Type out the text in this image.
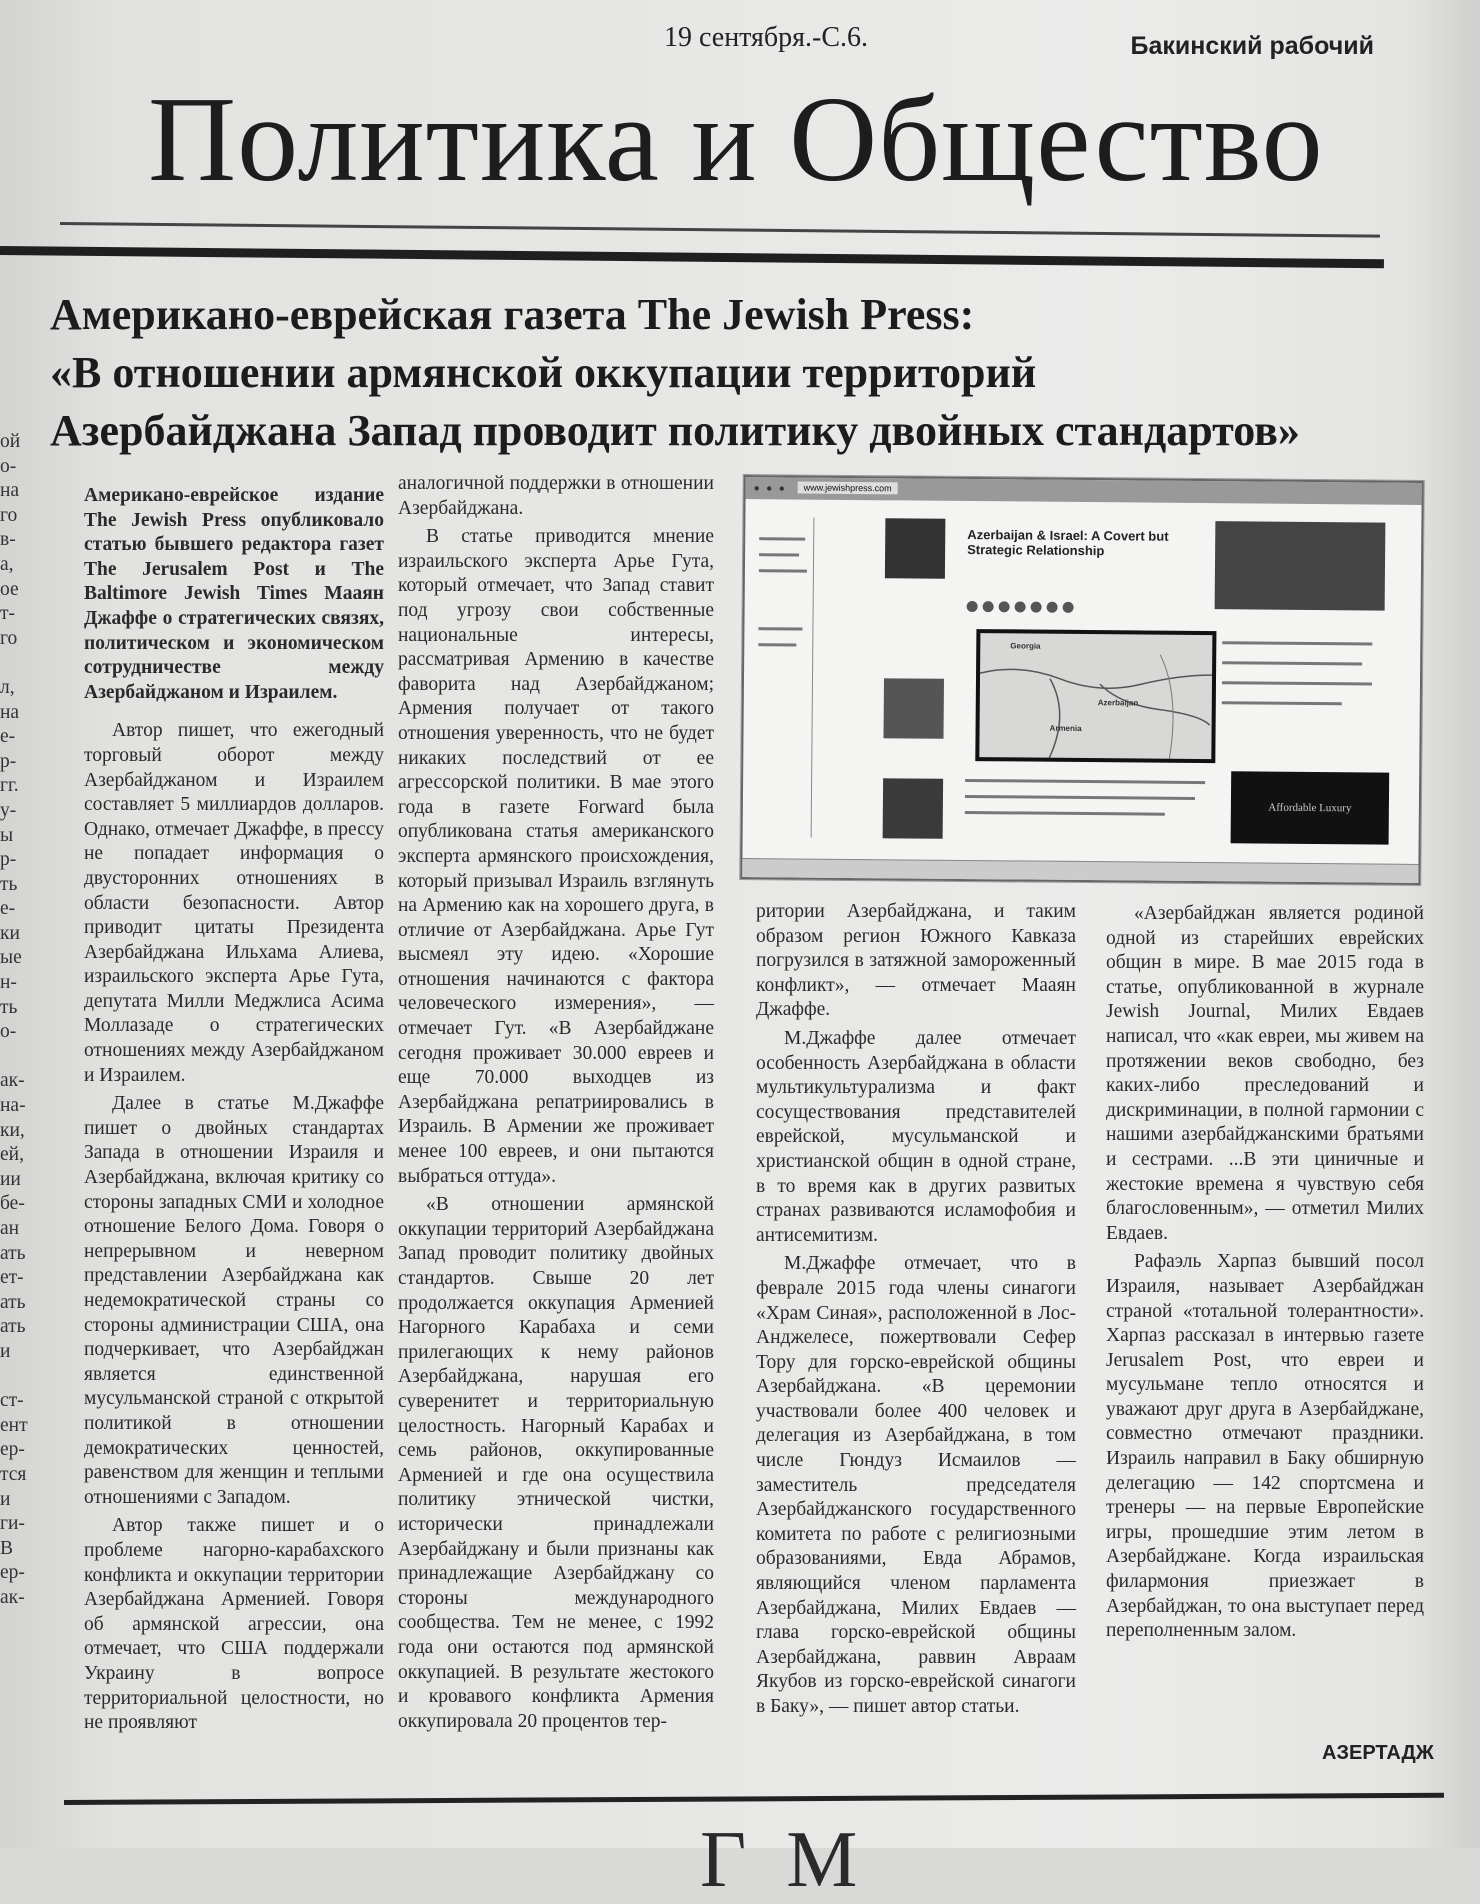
19 сентября.-С.6.	Бакинский рабочий
Политика и Общество
Американо-еврейская газета The Jewish Press:
«В отношении армянской оккупации территорий
Азербайджана Запад проводит политику двойных стандартов»
ой
о-
на
го
в-
а,
ое
т-
го

л,
на
е-
р-
гг.
у-
ы
р-
ть
е-
ки
ые
н-
ть
о-

ак-
на-
ки,
ей,
ии
бе-
ан
ать
ет-
ать
ать
и

ст-
ент
ер-
тся
и
ги-
В
ер-
ак-

Американо-еврейское издание The Jewish Press опубликовало статью бывшего редактора газет The Jerusalem Post и The Baltimore Jewish Times Мааян Джаффе о стратегических связях, политическом и экономическом сотрудничестве между Азербайджаном и Израилем.

Автор пишет, что ежегодный торговый оборот между Азербайджаном и Израилем составляет 5 миллиардов долларов. Однако, отмечает Джаффе, в прессу не попадает информация о двусторонних отношениях в области безопасности. Автор приводит цитаты Президента Азербайджана Ильхама Алиева, израильского эксперта Арье Гута, депутата Милли Меджлиса Асима Моллазаде о стратегических отношениях между Азербайджаном и Израилем.

Далее в статье М.Джаффе пишет о двойных стандартах Запада в отношении Израиля и Азербайджана, включая критику со стороны западных СМИ и холодное отношение Белого Дома. Говоря о непрерывном и неверном представлении Азербайджана как недемократической страны со стороны администрации США, она подчеркивает, что Азербайджан является единственной мусульманской страной с открытой политикой в отношении демократических ценностей, равенством для женщин и теплыми отношениями с Западом.

Автор также пишет и о проблеме нагорно-карабахского конфликта и оккупации территории Азербайджана Арменией. Говоря об армянской агрессии, она отмечает, что США поддержали Украину в вопросе территориальной целостности, но не проявляют

аналогичной поддержки в отношении Азербайджана.

В статье приводится мнение израильского эксперта Арье Гута, который отмечает, что Запад ставит под угрозу свои собственные национальные интересы, рассматривая Армению в качестве фаворита над Азербайджаном; Армения получает от такого отношения уверенность, что не будет никаких последствий от ее агрессорской политики. В мае этого года в газете Forward была опубликована статья американского эксперта армянского происхождения, который призывал Израиль взглянуть на Армению как на хорошего друга, в отличие от Азербайджана. Арье Гут высмеял эту идею. «Хорошие отношения начинаются с фактора человеческого измерения», — отмечает Гут. «В Азербайджане сегодня проживает 30.000 евреев и еще 70.000 выходцев из Азербайджана репатриировались в Израиль. В Армении же проживает менее 100 евреев, и они пытаются выбраться оттуда».

«В отношении армянской оккупации территорий Азербайджана Запад проводит политику двойных стандартов. Свыше 20 лет продолжается оккупация Арменией Нагорного Карабаха и семи прилегающих к нему районов Азербайджана, нарушая его суверенитет и территориальную целостность. Нагорный Карабах и семь районов, оккупированные Арменией и где она осуществила политику этнической чистки, исторически принадлежали Азербайджану и были признаны как принадлежащие Азербайджану со стороны международного сообщества. Тем не менее, с 1992 года они остаются под армянской оккупацией. В результате жестокого и кровавого конфликта Армения оккупировала 20 процентов тер-

● ● ●	www.jewishpress.com
Azerbaijan & Israel: A Covert but Strategic Relationship
Georgia
Armenia
Azerbaijan
Affordable Luxury

ритории Азербайджана, и таким образом регион Южного Кавказа погрузился в затяжной замороженный конфликт», — отмечает Мааян Джаффе.

М.Джаффе далее отмечает особенность Азербайджана в области мультикультурализма и факт сосуществования представителей еврейской, мусульманской и христианской общин в одной стране, в то время как в других развитых странах развиваются исламофобия и антисемитизм.

М.Джаффе отмечает, что в феврале 2015 года члены синагоги «Храм Синая», расположенной в Лос-Анджелесе, пожертвовали Сефер Тору для горско-еврейской общины Азербайджана. «В церемонии участвовали более 400 человек и делегация из Азербайджана, в том числе Гюндуз Исмаилов — заместитель председателя Азербайджанского государственного комитета по работе с религиозными образованиями, Евда Абрамов, являющийся членом парламента Азербайджана, Милих Евдаев — глава горско-еврейской общины Азербайджана, раввин Авраам Якубов из горско-еврейской синагоги в Баку», — пишет автор статьи.

«Азербайджан является родиной одной из старейших еврейских общин в мире. В мае 2015 года в статье, опубликованной в журнале Jewish Journal, Милих Евдаев написал, что «как евреи, мы живем на протяжении веков свободно, без каких-либо преследований и дискриминации, в полной гармонии с нашими азербайджанскими братьями и сестрами. ...В эти циничные и жестокие времена я чувствую себя благословенным», — отметил Милих Евдаев.

Рафаэль Харпаз бывший посол Израиля, называет Азербайджан страной «тотальной толерантности». Харпаз рассказал в интервью газете Jerusalem Post, что евреи и мусульмане тепло относятся и уважают друг друга в Азербайджане, совместно отмечают праздники. Израиль направил в Баку обширную делегацию — 142 спортсмена и тренеры — на первые Европейские игры, прошедшие этим летом в Азербайджане. Когда израильская филармония приезжает в Азербайджан, то она выступает перед переполненным залом.

АЗЕРТАДЖ
Г  М
